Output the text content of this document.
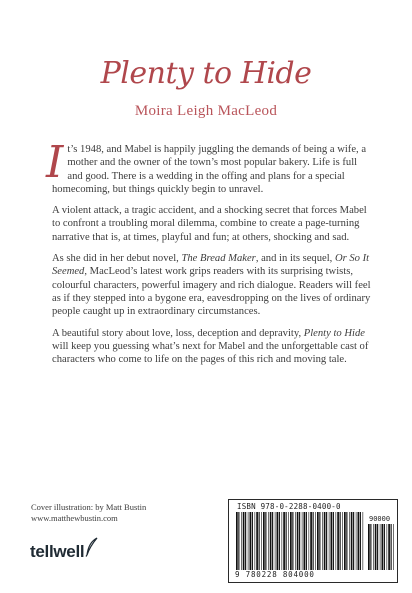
Plenty to Hide
Moira Leigh MacLeod

It’s 1948, and Mabel is happily juggling the demands of being a wife, a mother and the owner of the town’s most popular bakery. Life is full and good. There is a wedding in the offing and plans for a special homecoming, but things quickly begin to unravel.

A violent attack, a tragic accident, and a shocking secret that forces Mabel to confront a troubling moral dilemma, combine to create a page-turning narrative that is, at times, playful and fun; at others, shocking and sad.

As she did in her debut novel, The Bread Maker, and in its sequel, Or So It Seemed, MacLeod’s latest work grips readers with its surprising twists, colourful characters, powerful imagery and rich dialogue. Readers will feel as if they stepped into a bygone era, eavesdropping on the lives of ordinary people caught up in extraordinary circumstances.

A beautiful story about love, loss, deception and depravity, Plenty to Hide will keep you guessing what’s next for Mabel and the unforgettable cast of characters who come to life on the pages of this rich and moving tale.

Cover illustration: by Matt Bustin
www.matthewbustin.com
tellwell
ISBN 978-0-2288-0400-0
90000
9 780228 804000
